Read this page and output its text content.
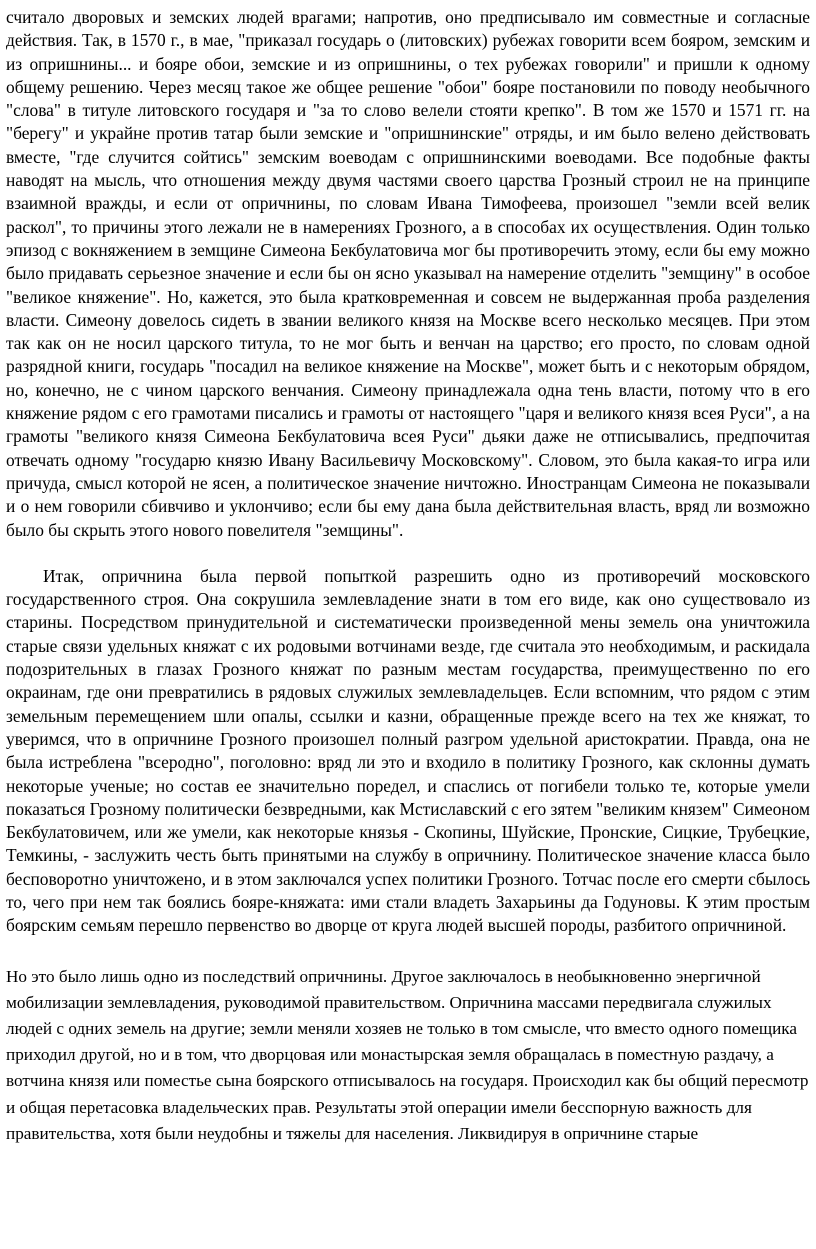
считало дворовых и земских людей врагами; напротив, оно предписывало им совместные и согласные действия. Так, в 1570 г., в мае, "приказал государь о (литовских) рубежах говорити всем бояром, земским и из опришнины... и бояре обои, земские и из опришнины, о тех рубежах говорили" и пришли к одному общему решению. Через месяц такое же общее решение "обои" бояре постановили по поводу необычного "слова" в титуле литовского государя и "за то слово велели стояти крепко". В том же 1570 и 1571 гг. на "берегу" и украйне против татар были земские и "опришнинские" отряды, и им было велено действовать вместе, "где случится сойтись" земским воеводам с опришнинскими воеводами. Все подобные факты наводят на мысль, что отношения между двумя частями своего царства Грозный строил не на принципе взаимной вражды, и если от опричнины, по словам Ивана Тимофеева, произошел "земли всей велик раскол", то причины этого лежали не в намерениях Грозного, а в способах их осуществления. Один только эпизод с вокняжением в земщине Симеона Бекбулатовича мог бы противоречить этому, если бы ему можно было придавать серьезное значение и если бы он ясно указывал на намерение отделить "земщину" в особое "великое княжение". Но, кажется, это была кратковременная и совсем не выдержанная проба разделения власти. Симеону довелось сидеть в звании великого князя на Москве всего несколько месяцев. При этом так как он не носил царского титула, то не мог быть и венчан на царство; его просто, по словам одной разрядной книги, государь "посадил на великое княжение на Москве", может быть и с некоторым обрядом, но, конечно, не с чином царского венчания. Симеону принадлежала одна тень власти, потому что в его княжение рядом с его грамотами писались и грамоты от настоящего "царя и великого князя всея Руси", а на грамоты "великого князя Симеона Бекбулатовича всея Руси" дьяки даже не отписывались, предпочитая отвечать одному "государю князю Ивану Васильевичу Московскому". Словом, это была какая-то игра или причуда, смысл которой не ясен, а политическое значение ничтожно. Иностранцам Симеона не показывали и о нем говорили сбивчиво и уклончиво; если бы ему дана была действительная власть, вряд ли возможно было бы скрыть этого нового повелителя "земщины".

Итак, опричнина была первой попыткой разрешить одно из противоречий московского государственного строя. Она сокрушила землевладение знати в том его виде, как оно существовало из старины. Посредством принудительной и систематически произведенной мены земель она уничтожила старые связи удельных княжат с их родовыми вотчинами везде, где считала это необходимым, и раскидала подозрительных в глазах Грозного княжат по разным местам государства, преимущественно по его окраинам, где они превратились в рядовых служилых землевладельцев. Если вспомним, что рядом с этим земельным перемещением шли опалы, ссылки и казни, обращенные прежде всего на тех же княжат, то уверимся, что в опричнине Грозного произошел полный разгром удельной аристократии. Правда, она не была истреблена "всеродно", поголовно: вряд ли это и входило в политику Грозного, как склонны думать некоторые ученые; но состав ее значительно поредел, и спаслись от погибели только те, которые умели показаться Грозному политически безвредными, как Мстиславский с его зятем "великим князем" Симеоном Бекбулатовичем, или же умели, как некоторые князья - Скопины, Шуйские, Пронские, Сицкие, Трубецкие, Темкины, - заслужить честь быть принятыми на службу в опричнину. Политическое значение класса было бесповоротно уничтожено, и в этом заключался успех политики Грозного. Тотчас после его смерти сбылось то, чего при нем так боялись бояре-княжата: ими стали владеть Захарьины да Годуновы. К этим простым боярским семьям перешло первенство во дворце от круга людей высшей породы, разбитого опричниной.

Но это было лишь одно из последствий опричнины. Другое заключалось в необыкновенно энергичной мобилизации землевладения, руководимой правительством. Опричнина массами передвигала служилых людей с одних земель на другие; земли меняли хозяев не только в том смысле, что вместо одного помещика приходил другой, но и в том, что дворцовая или монастырская земля обращалась в поместную раздачу, а вотчина князя или поместье сына боярского отписывалось на государя. Происходил как бы общий пересмотр и общая перетасовка владельческих прав. Результаты этой операции имели бесспорную важность для правительства, хотя были неудобны и тяжелы для населения. Ликвидируя в опричнине старые
